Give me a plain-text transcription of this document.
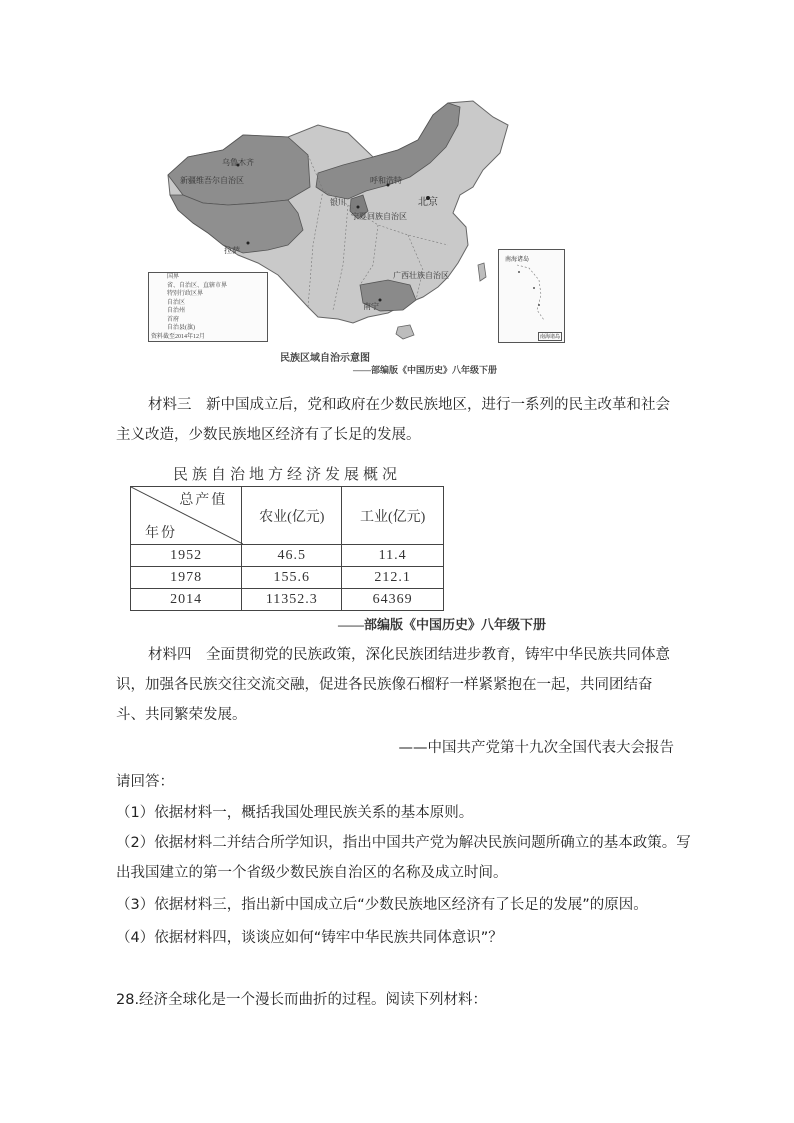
乌鲁木齐
新疆维吾尔自治区	呼和浩特
银川	北京
宁夏回族自治区
拉萨
广西壮族自治区
南宁
国界
省、自治区、直辖市界
特别行政区界
自治区
自治州
首府
自治县(旗)
资料截至2014年12月
南海诸岛
南海诸岛
民族区域自治示意图
——部编版《中国历史》八年级下册
材料三　新中国成立后，党和政府在少数民族地区，进行一系列的民主改革和社会主义改造，少数民族地区经济有了长足的发展。
民族自治地方经济发展概况
总产值
年份	农业(亿元)	工业(亿元)
1952	46.5	11.4
1978	155.6	212.1
2014	11352.3	64369
——部编版《中国历史》八年级下册
材料四　全面贯彻党的民族政策，深化民族团结进步教育，铸牢中华民族共同体意识，加强各民族交往交流交融，促进各民族像石榴籽一样紧紧抱在一起，共同团结奋斗、共同繁荣发展。
——中国共产党第十九次全国代表大会报告
请回答：
（1）依据材料一，概括我国处理民族关系的基本原则。
（2）依据材料二并结合所学知识，指出中国共产党为解决民族问题所确立的基本政策。写
出我国建立的第一个省级少数民族自治区的名称及成立时间。
（3）依据材料三，指出新中国成立后“少数民族地区经济有了长足的发展”的原因。
（4）依据材料四，谈谈应如何“铸牢中华民族共同体意识”？
28.经济全球化是一个漫长而曲折的过程。阅读下列材料：
